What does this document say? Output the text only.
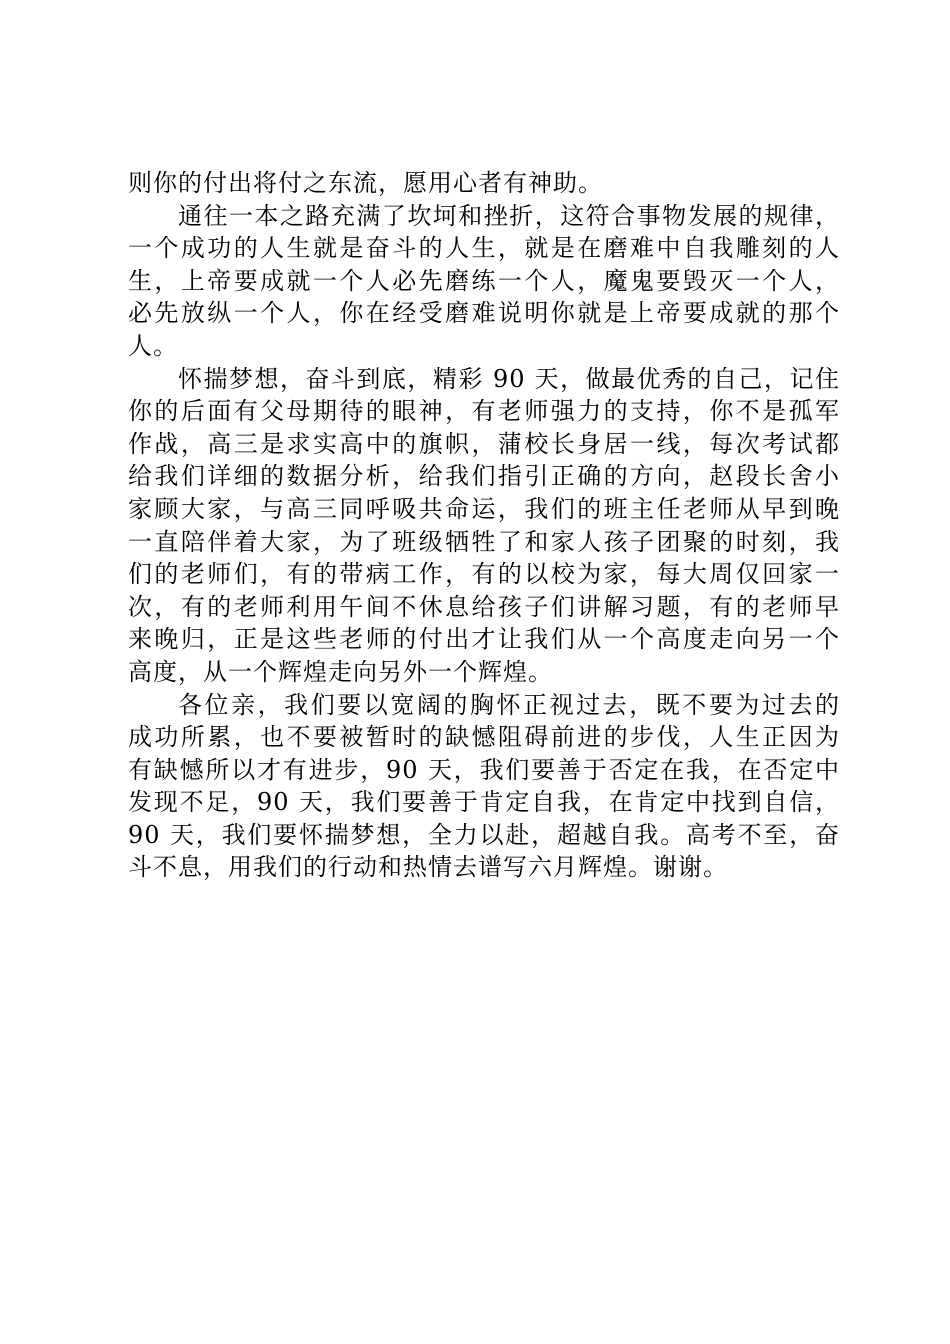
则你的付出将付之东流，愿用心者有神助。
通往一本之路充满了坎坷和挫折，这符合事物发展的规律，
一个成功的人生就是奋斗的人生，就是在磨难中自我雕刻的人
生，上帝要成就一个人必先磨练一个人，魔鬼要毁灭一个人，
必先放纵一个人，你在经受磨难说明你就是上帝要成就的那个
人。
怀揣梦想，奋斗到底，精彩 90 天，做最优秀的自己，记住
你的后面有父母期待的眼神，有老师强力的支持，你不是孤军
作战，高三是求实高中的旗帜，蒲校长身居一线，每次考试都
给我们详细的数据分析，给我们指引正确的方向，赵段长舍小
家顾大家，与高三同呼吸共命运，我们的班主任老师从早到晚
一直陪伴着大家，为了班级牺牲了和家人孩子团聚的时刻，我
们的老师们，有的带病工作，有的以校为家，每大周仅回家一
次，有的老师利用午间不休息给孩子们讲解习题，有的老师早
来晚归，正是这些老师的付出才让我们从一个高度走向另一个
高度，从一个辉煌走向另外一个辉煌。
各位亲，我们要以宽阔的胸怀正视过去，既不要为过去的
成功所累，也不要被暂时的缺憾阻碍前进的步伐，人生正因为
有缺憾所以才有进步，90 天，我们要善于否定在我，在否定中
发现不足，90 天，我们要善于肯定自我，在肯定中找到自信，
90 天，我们要怀揣梦想，全力以赴，超越自我。高考不至，奋
斗不息，用我们的行动和热情去谱写六月辉煌。谢谢。
